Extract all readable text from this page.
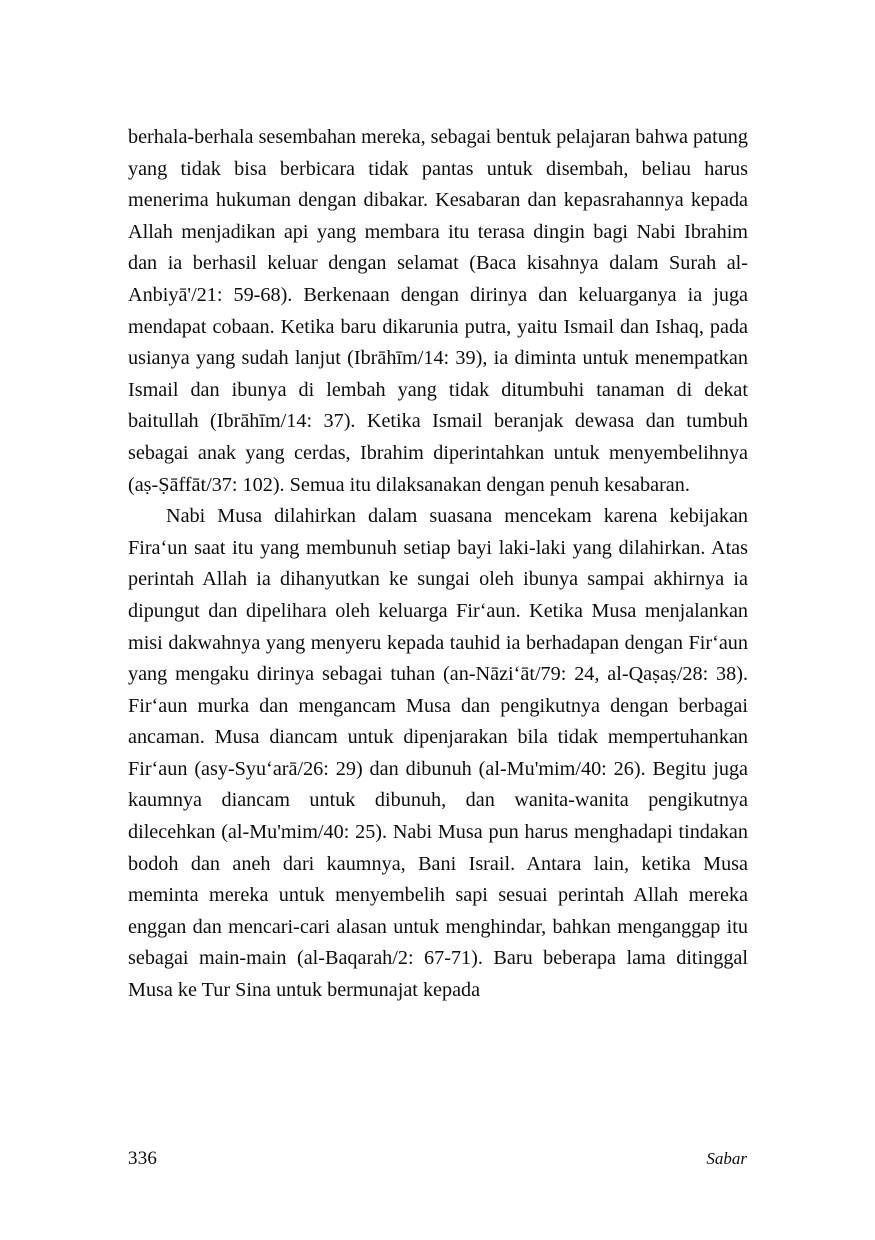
berhala-berhala sesembahan mereka, sebagai bentuk pelajaran bahwa patung yang tidak bisa berbicara tidak pantas untuk disembah, beliau harus menerima hukuman dengan dibakar. Kesabaran dan kepasrahannya kepada Allah menjadikan api yang membara itu terasa dingin bagi Nabi Ibrahim dan ia berhasil keluar dengan selamat (Baca kisahnya dalam Surah al-Anbiyā'/21: 59-68). Berkenaan dengan dirinya dan keluarganya ia juga mendapat cobaan. Ketika baru dikarunia putra, yaitu Ismail dan Ishaq, pada usianya yang sudah lanjut (Ibrāhīm/14: 39), ia diminta untuk menempatkan Ismail dan ibunya di lembah yang tidak ditumbuhi tanaman di dekat baitullah (Ibrāhīm/14: 37). Ketika Ismail beranjak dewasa dan tumbuh sebagai anak yang cerdas, Ibrahim diperintahkan untuk menyembelihnya (aṣ-Ṣāffāt/37: 102). Semua itu dilaksanakan dengan penuh kesabaran.

Nabi Musa dilahirkan dalam suasana mencekam karena kebijakan Firaʻun saat itu yang membunuh setiap bayi laki-laki yang dilahirkan. Atas perintah Allah ia dihanyutkan ke sungai oleh ibunya sampai akhirnya ia dipungut dan dipelihara oleh keluarga Firʻaun. Ketika Musa menjalankan misi dakwahnya yang menyeru kepada tauhid ia berhadapan dengan Firʻaun yang mengaku dirinya sebagai tuhan (an-Nāziʻāt/79: 24, al-Qaṣaṣ/28: 38). Firʻaun murka dan mengancam Musa dan pengikutnya dengan berbagai ancaman. Musa diancam untuk dipenjarakan bila tidak mempertuhankan Firʻaun (asy-Syuʻarā/26: 29) dan dibunuh (al-Mu'mim/40: 26). Begitu juga kaumnya diancam untuk dibunuh, dan wanita-wanita pengikutnya dilecehkan (al-Mu'mim/40: 25). Nabi Musa pun harus menghadapi tindakan bodoh dan aneh dari kaumnya, Bani Israil. Antara lain, ketika Musa meminta mereka untuk menyembelih sapi sesuai perintah Allah mereka enggan dan mencari-cari alasan untuk menghindar, bahkan menganggap itu sebagai main-main (al-Baqarah/2: 67-71). Baru beberapa lama ditinggal Musa ke Tur Sina untuk bermunajat kepada

336	Sabar
